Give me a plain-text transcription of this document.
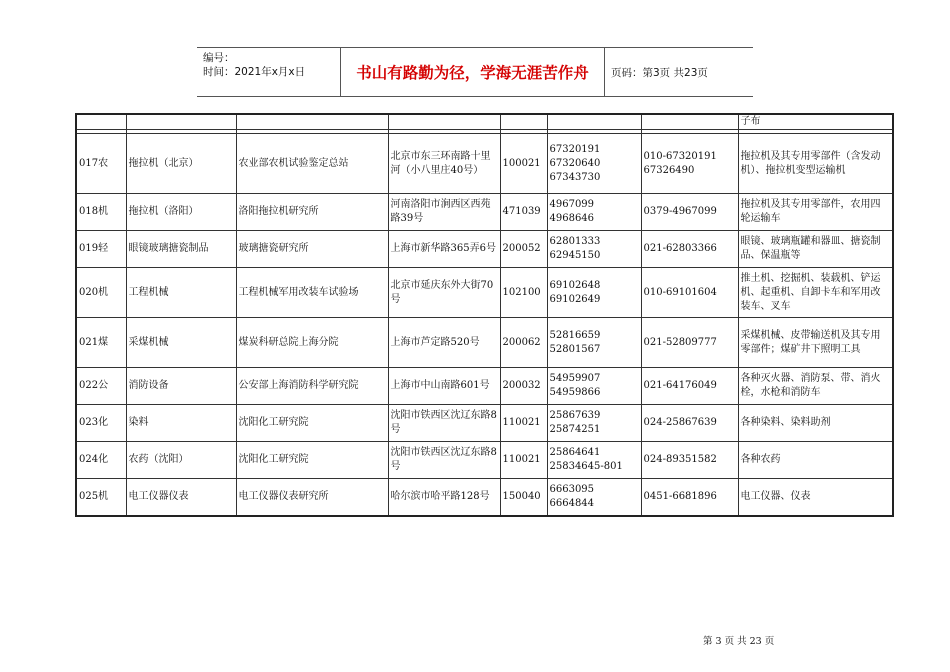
编号：
时间：2021年x月x日	书山有路勤为径，学海无涯苦作舟	页码：第3页 共23页
							子布

017农	拖拉机（北京）	农业部农机试验鉴定总站	北京市东三环南路十里河（小八里庄40号）	100021	67320191
67320640
67343730	010-67320191
67326490	拖拉机及其专用零部件（含发动机）、拖拉机变型运输机
018机	拖拉机（洛阳）	洛阳拖拉机研究所	河南洛阳市涧西区西苑路39号	471039	4967099
4968646	0379-4967099	拖拉机及其专用零部件，农用四轮运输车
019轻	眼镜玻璃搪瓷制品	玻璃搪瓷研究所	上海市新华路365弄6号	200052	62801333
62945150	021-62803366	眼镜、玻璃瓶罐和器皿、搪瓷制品、保温瓶等
020机	工程机械	工程机械军用改装车试验场	北京市延庆东外大街70号	102100	69102648
69102649	010-69101604	推土机、挖掘机、装载机、铲运机、起重机、自卸卡车和军用改装车、叉车
021煤	采煤机械	煤炭科研总院上海分院	上海市芦定路520号	200062	52816659
52801567	021-52809777	采煤机械、皮带输送机及其专用零部件；煤矿井下照明工具
022公	消防设备	公安部上海消防科学研究院	上海市中山南路601号	200032	54959907
54959866	021-64176049	各种灭火器、消防泵、带、消火栓，水枪和消防车
023化	染料	沈阳化工研究院	沈阳市铁西区沈辽东路8号	110021	25867639
25874251	024-25867639	各种染料、染料助剂
024化	农药（沈阳）	沈阳化工研究院	沈阳市铁西区沈辽东路8号	110021	25864641
25834645-801	024-89351582	各种农药
025机	电工仪器仪表	电工仪器仪表研究所	哈尔滨市哈平路128号	150040	6663095
6664844	0451-6681896	电工仪器、仪表
第 3 页 共 23 页
